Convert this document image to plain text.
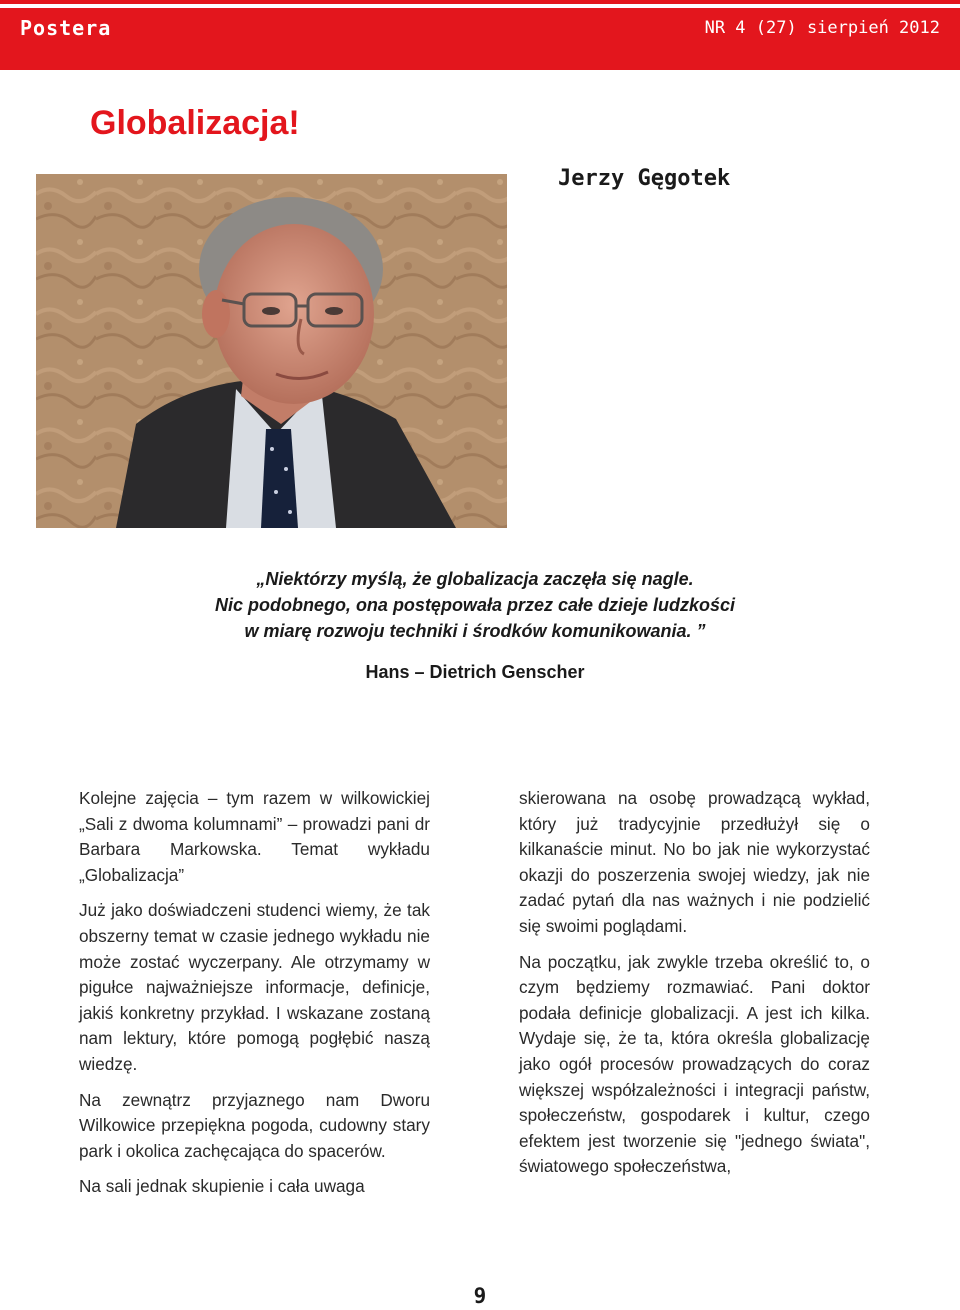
Postera	NR 4 (27) sierpień 2012
Globalizacja!
Jerzy Gęgotek

„Niektórzy myślą, że globalizacja zaczęła się nagle.

Nic podobnego, ona postępowała przez całe dzieje ludzkości

w miarę rozwoju techniki i środków komunikowania. ”

Hans – Dietrich Genscher

Kolejne zajęcia – tym razem w wilkowickiej „Sali z dwoma kolumnami” – prowadzi pani dr Barbara Markowska. Temat wykładu „Globalizacja”

Już jako doświadczeni studenci wiemy, że tak obszerny temat w czasie jednego wykładu nie może zostać wyczerpany. Ale otrzymamy w pigułce najważniejsze informacje, definicje, jakiś konkretny przykład. I wskazane zostaną nam lektury, które pomogą pogłębić naszą wiedzę.

Na zewnątrz przyjaznego nam Dworu Wilkowice przepiękna pogoda, cudowny stary park i okolica zachęcająca do spacerów.

Na sali jednak skupienie i cała uwaga

skierowana na osobę prowadzącą wykład, który już tradycyjnie przedłużył się o kilkanaście minut. No bo jak nie wykorzystać okazji do poszerzenia swojej wiedzy, jak nie zadać pytań dla nas ważnych i nie podzielić się swoimi poglądami.

Na początku, jak zwykle trzeba określić to, o czym będziemy rozmawiać. Pani doktor podała definicje globalizacji. A jest ich kilka. Wydaje się, że ta, która określa globalizację jako ogół procesów prowadzących do coraz większej współzależności i integracji państw, społeczeństw, gospodarek i kultur, czego efektem jest tworzenie się "jednego świata", światowego społeczeństwa,

9
